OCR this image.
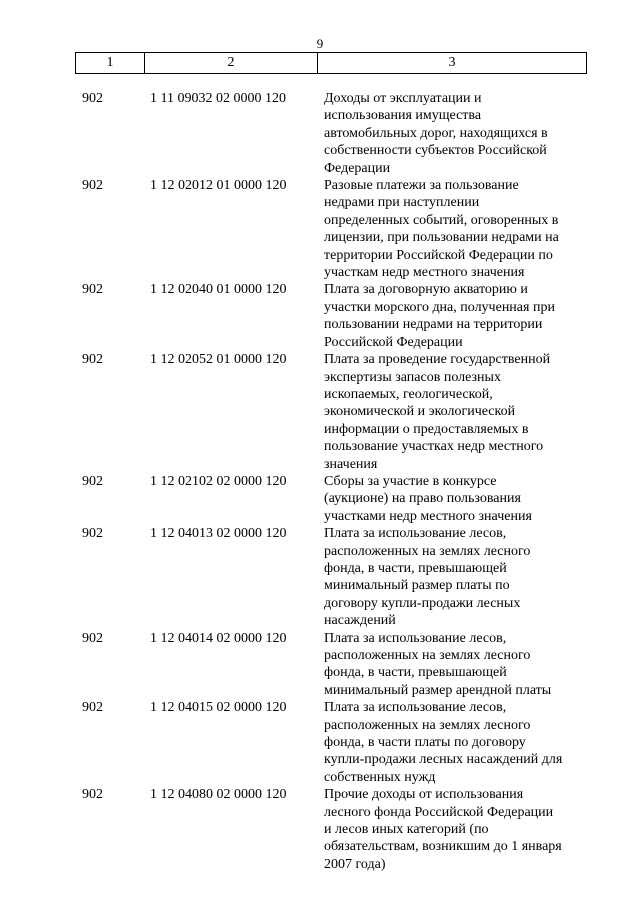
9
1	2	3
902	1 11 09032 02 0000 120	Доходы от эксплуатации и
использования имущества
автомобильных дорог, находящихся в
собственности субъектов Российской
Федерации
902	1 12 02012 01 0000 120	Разовые платежи за пользование
недрами при наступлении
определенных событий, оговоренных в
лицензии, при пользовании недрами на
территории Российской Федерации по
участкам недр местного значения
902	1 12 02040 01 0000 120	Плата за договорную акваторию и
участки морского дна, полученная при
пользовании недрами на территории
Российской Федерации
902	1 12 02052 01 0000 120	Плата за проведение государственной
экспертизы запасов полезных
ископаемых, геологической,
экономической и экологической
информации о предоставляемых в
пользование участках недр местного
значения
902	1 12 02102 02 0000 120	Сборы за участие в конкурсе
(аукционе) на право пользования
участками недр местного значения
902	1 12 04013 02 0000 120	Плата за использование лесов,
расположенных на землях лесного
фонда, в части, превышающей
минимальный размер платы по
договору купли-продажи лесных
насаждений
902	1 12 04014 02 0000 120	Плата за использование лесов,
расположенных на землях лесного
фонда, в части, превышающей
минимальный размер арендной платы
902	1 12 04015 02 0000 120	Плата за использование лесов,
расположенных на землях лесного
фонда, в части платы по договору
купли-продажи лесных насаждений для
собственных нужд
902	1 12 04080 02 0000 120	Прочие доходы от использования
лесного фонда Российской Федерации
и лесов иных категорий (по
обязательствам, возникшим до 1 января
2007 года)
